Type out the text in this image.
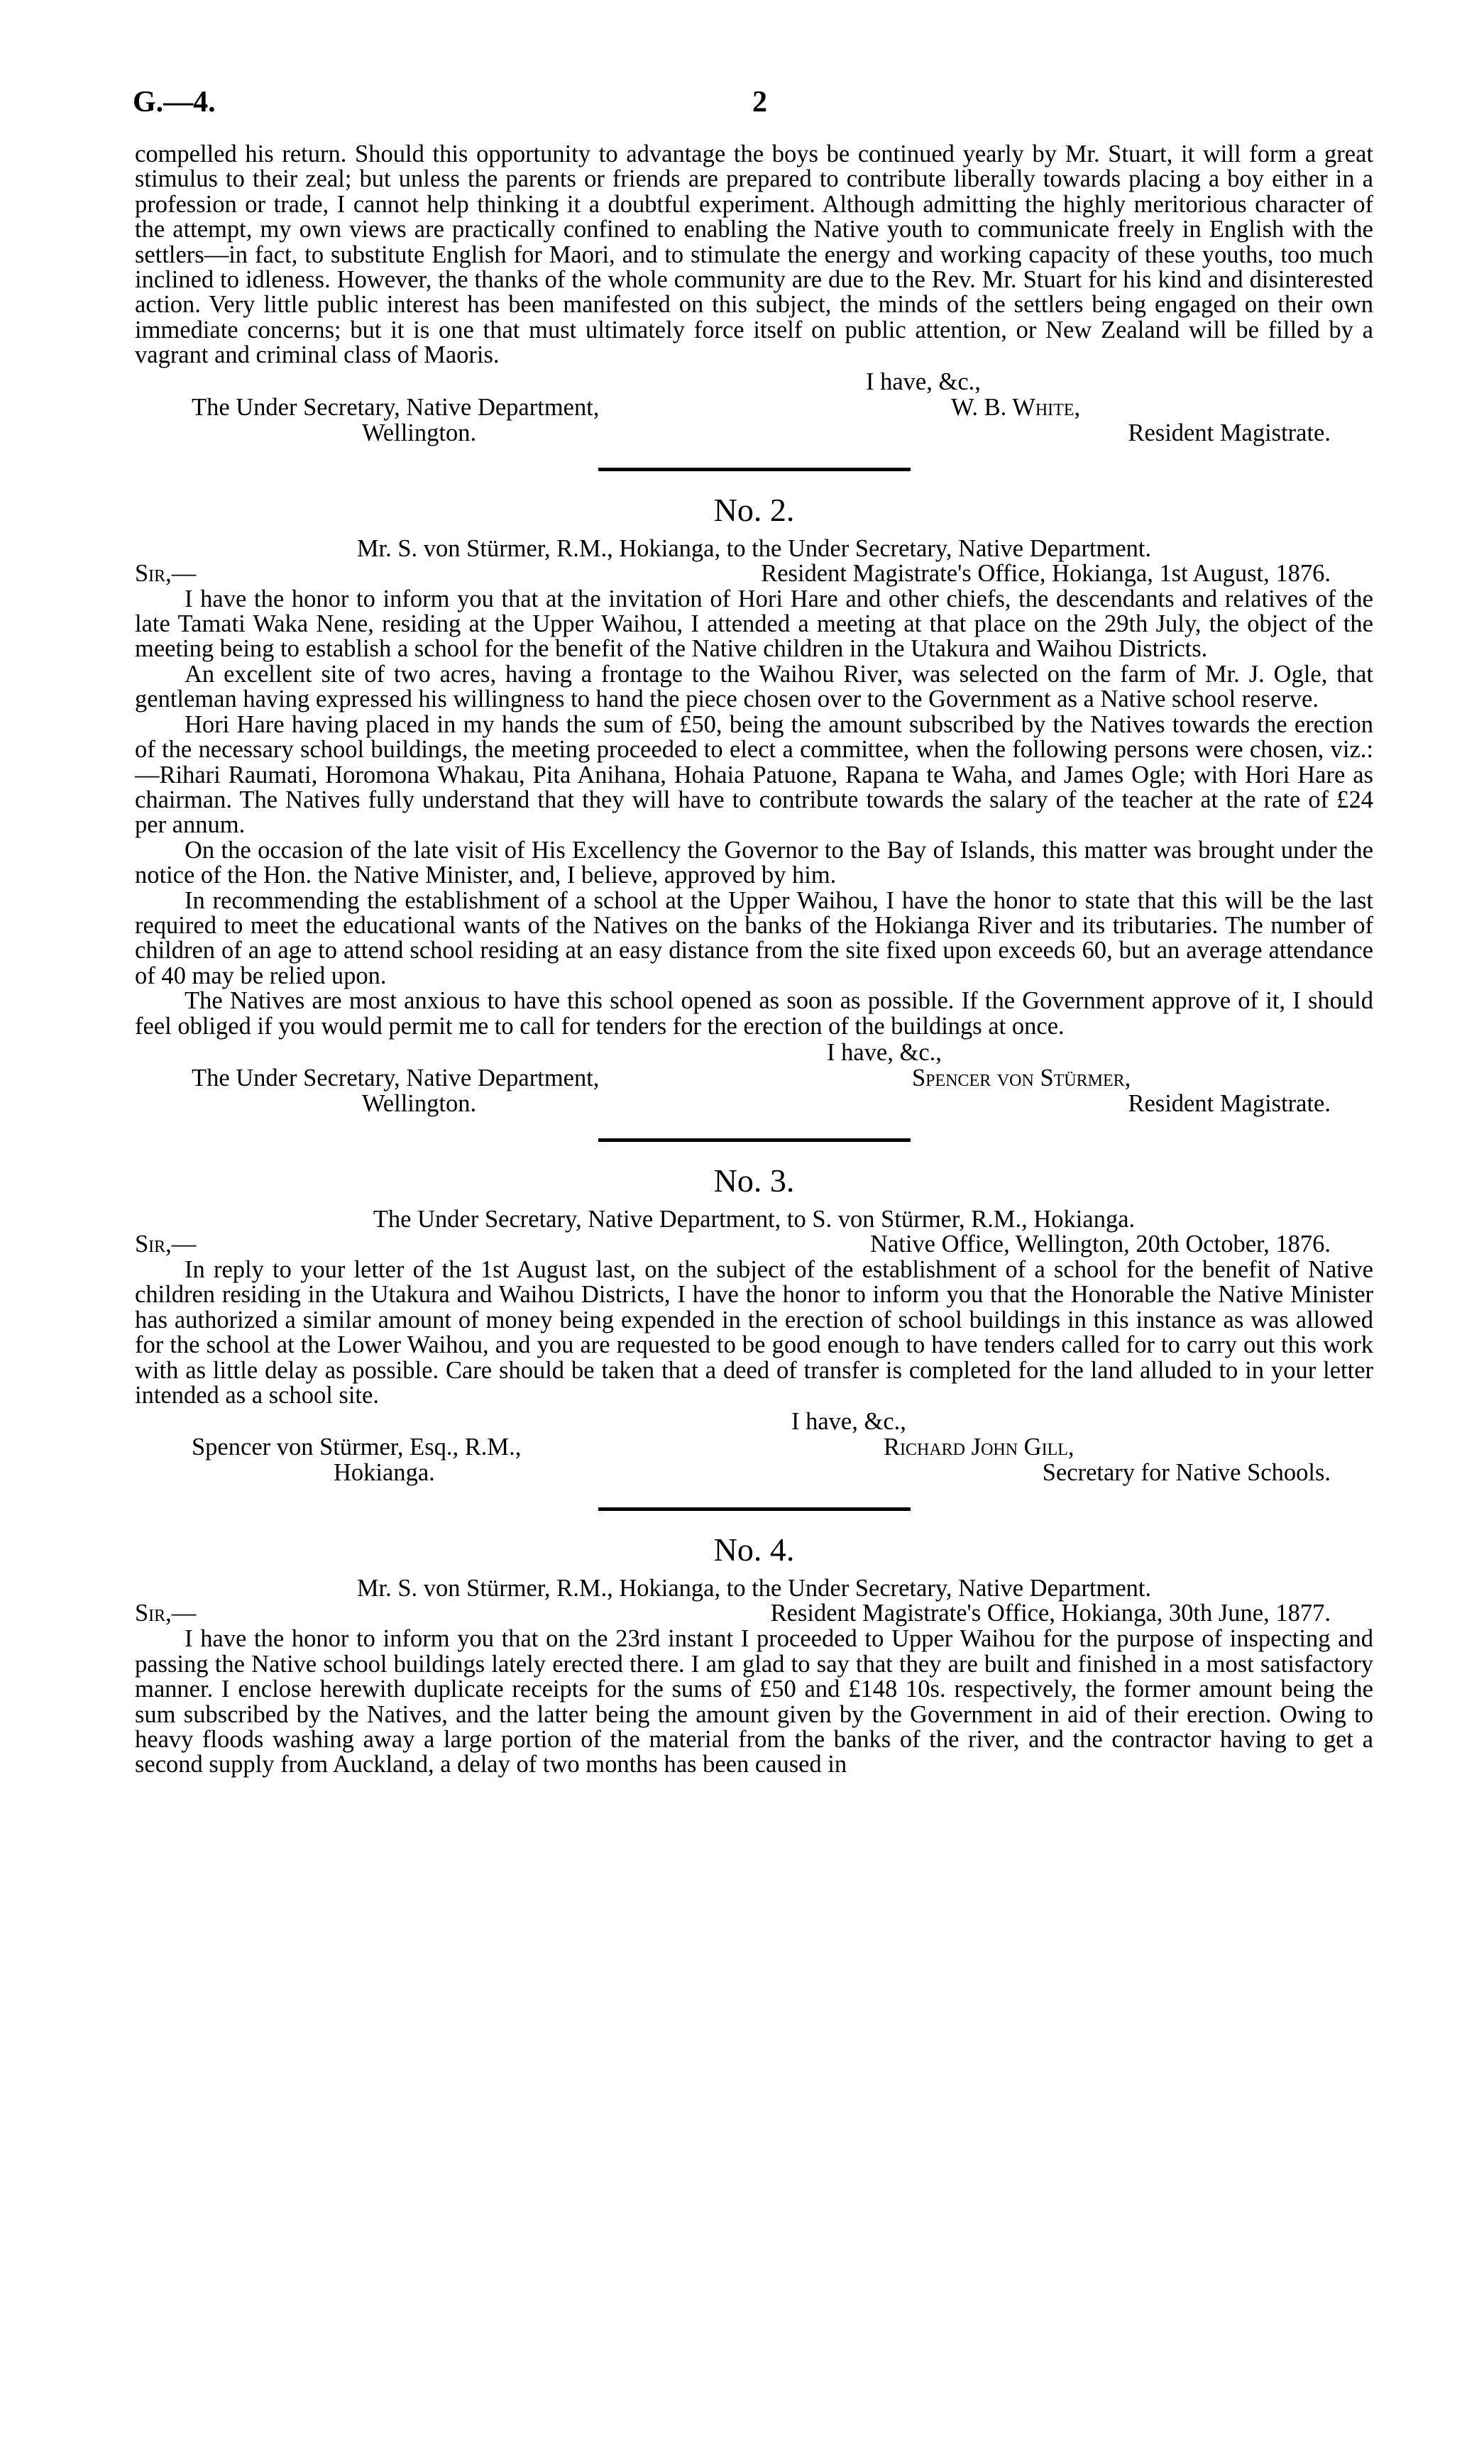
G.—4.	2

compelled his return. Should this opportunity to advantage the boys be continued yearly by Mr. Stuart, it will form a great stimulus to their zeal; but unless the parents or friends are prepared to contribute liberally towards placing a boy either in a profession or trade, I cannot help thinking it a doubtful experiment. Although admitting the highly meritorious character of the attempt, my own views are practically confined to enabling the Native youth to communicate freely in English with the settlers—in fact, to substitute English for Maori, and to stimulate the energy and working capacity of these youths, too much inclined to idleness. However, the thanks of the whole community are due to the Rev. Mr. Stuart for his kind and disinterested action. Very little public interest has been manifested on this subject, the minds of the settlers being engaged on their own immediate concerns; but it is one that must ultimately force itself on public attention, or New Zealand will be filled by a vagrant and criminal class of Maoris.

I have, &c.,
The Under Secretary, Native Department,
Wellington.
W. B. White,
Resident Magistrate.

No. 2.

Mr. S. von Stürmer, R.M., Hokianga, to the Under Secretary, Native Department.

Sir,—	Resident Magistrate's Office, Hokianga, 1st August, 1876.

I have the honor to inform you that at the invitation of Hori Hare and other chiefs, the descendants and relatives of the late Tamati Waka Nene, residing at the Upper Waihou, I attended a meeting at that place on the 29th July, the object of the meeting being to establish a school for the benefit of the Native children in the Utakura and Waihou Districts.

An excellent site of two acres, having a frontage to the Waihou River, was selected on the farm of Mr. J. Ogle, that gentleman having expressed his willingness to hand the piece chosen over to the Government as a Native school reserve.

Hori Hare having placed in my hands the sum of £50, being the amount subscribed by the Natives towards the erection of the necessary school buildings, the meeting proceeded to elect a committee, when the following persons were chosen, viz.:—Rihari Raumati, Horomona Whakau, Pita Anihana, Hohaia Patuone, Rapana te Waha, and James Ogle; with Hori Hare as chairman. The Natives fully understand that they will have to contribute towards the salary of the teacher at the rate of £24 per annum.

On the occasion of the late visit of His Excellency the Governor to the Bay of Islands, this matter was brought under the notice of the Hon. the Native Minister, and, I believe, approved by him.

In recommending the establishment of a school at the Upper Waihou, I have the honor to state that this will be the last required to meet the educational wants of the Natives on the banks of the Hokianga River and its tributaries. The number of children of an age to attend school residing at an easy distance from the site fixed upon exceeds 60, but an average attendance of 40 may be relied upon.

The Natives are most anxious to have this school opened as soon as possible. If the Government approve of it, I should feel obliged if you would permit me to call for tenders for the erection of the buildings at once.

I have, &c.,
The Under Secretary, Native Department,
Wellington.
Spencer von Stürmer,
Resident Magistrate.

No. 3.

The Under Secretary, Native Department, to S. von Stürmer, R.M., Hokianga.

Sir,—	Native Office, Wellington, 20th October, 1876.

In reply to your letter of the 1st August last, on the subject of the establishment of a school for the benefit of Native children residing in the Utakura and Waihou Districts, I have the honor to inform you that the Honorable the Native Minister has authorized a similar amount of money being expended in the erection of school buildings in this instance as was allowed for the school at the Lower Waihou, and you are requested to be good enough to have tenders called for to carry out this work with as little delay as possible. Care should be taken that a deed of transfer is completed for the land alluded to in your letter intended as a school site.

I have, &c.,
Spencer von Stürmer, Esq., R.M.,
Hokianga.
Richard John Gill,
Secretary for Native Schools.

No. 4.

Mr. S. von Stürmer, R.M., Hokianga, to the Under Secretary, Native Department.

Sir,—	Resident Magistrate's Office, Hokianga, 30th June, 1877.

I have the honor to inform you that on the 23rd instant I proceeded to Upper Waihou for the purpose of inspecting and passing the Native school buildings lately erected there. I am glad to say that they are built and finished in a most satisfactory manner. I enclose herewith duplicate receipts for the sums of £50 and £148 10s. respectively, the former amount being the sum subscribed by the Natives, and the latter being the amount given by the Government in aid of their erection. Owing to heavy floods washing away a large portion of the material from the banks of the river, and the contractor having to get a second supply from Auckland, a delay of two months has been caused in
